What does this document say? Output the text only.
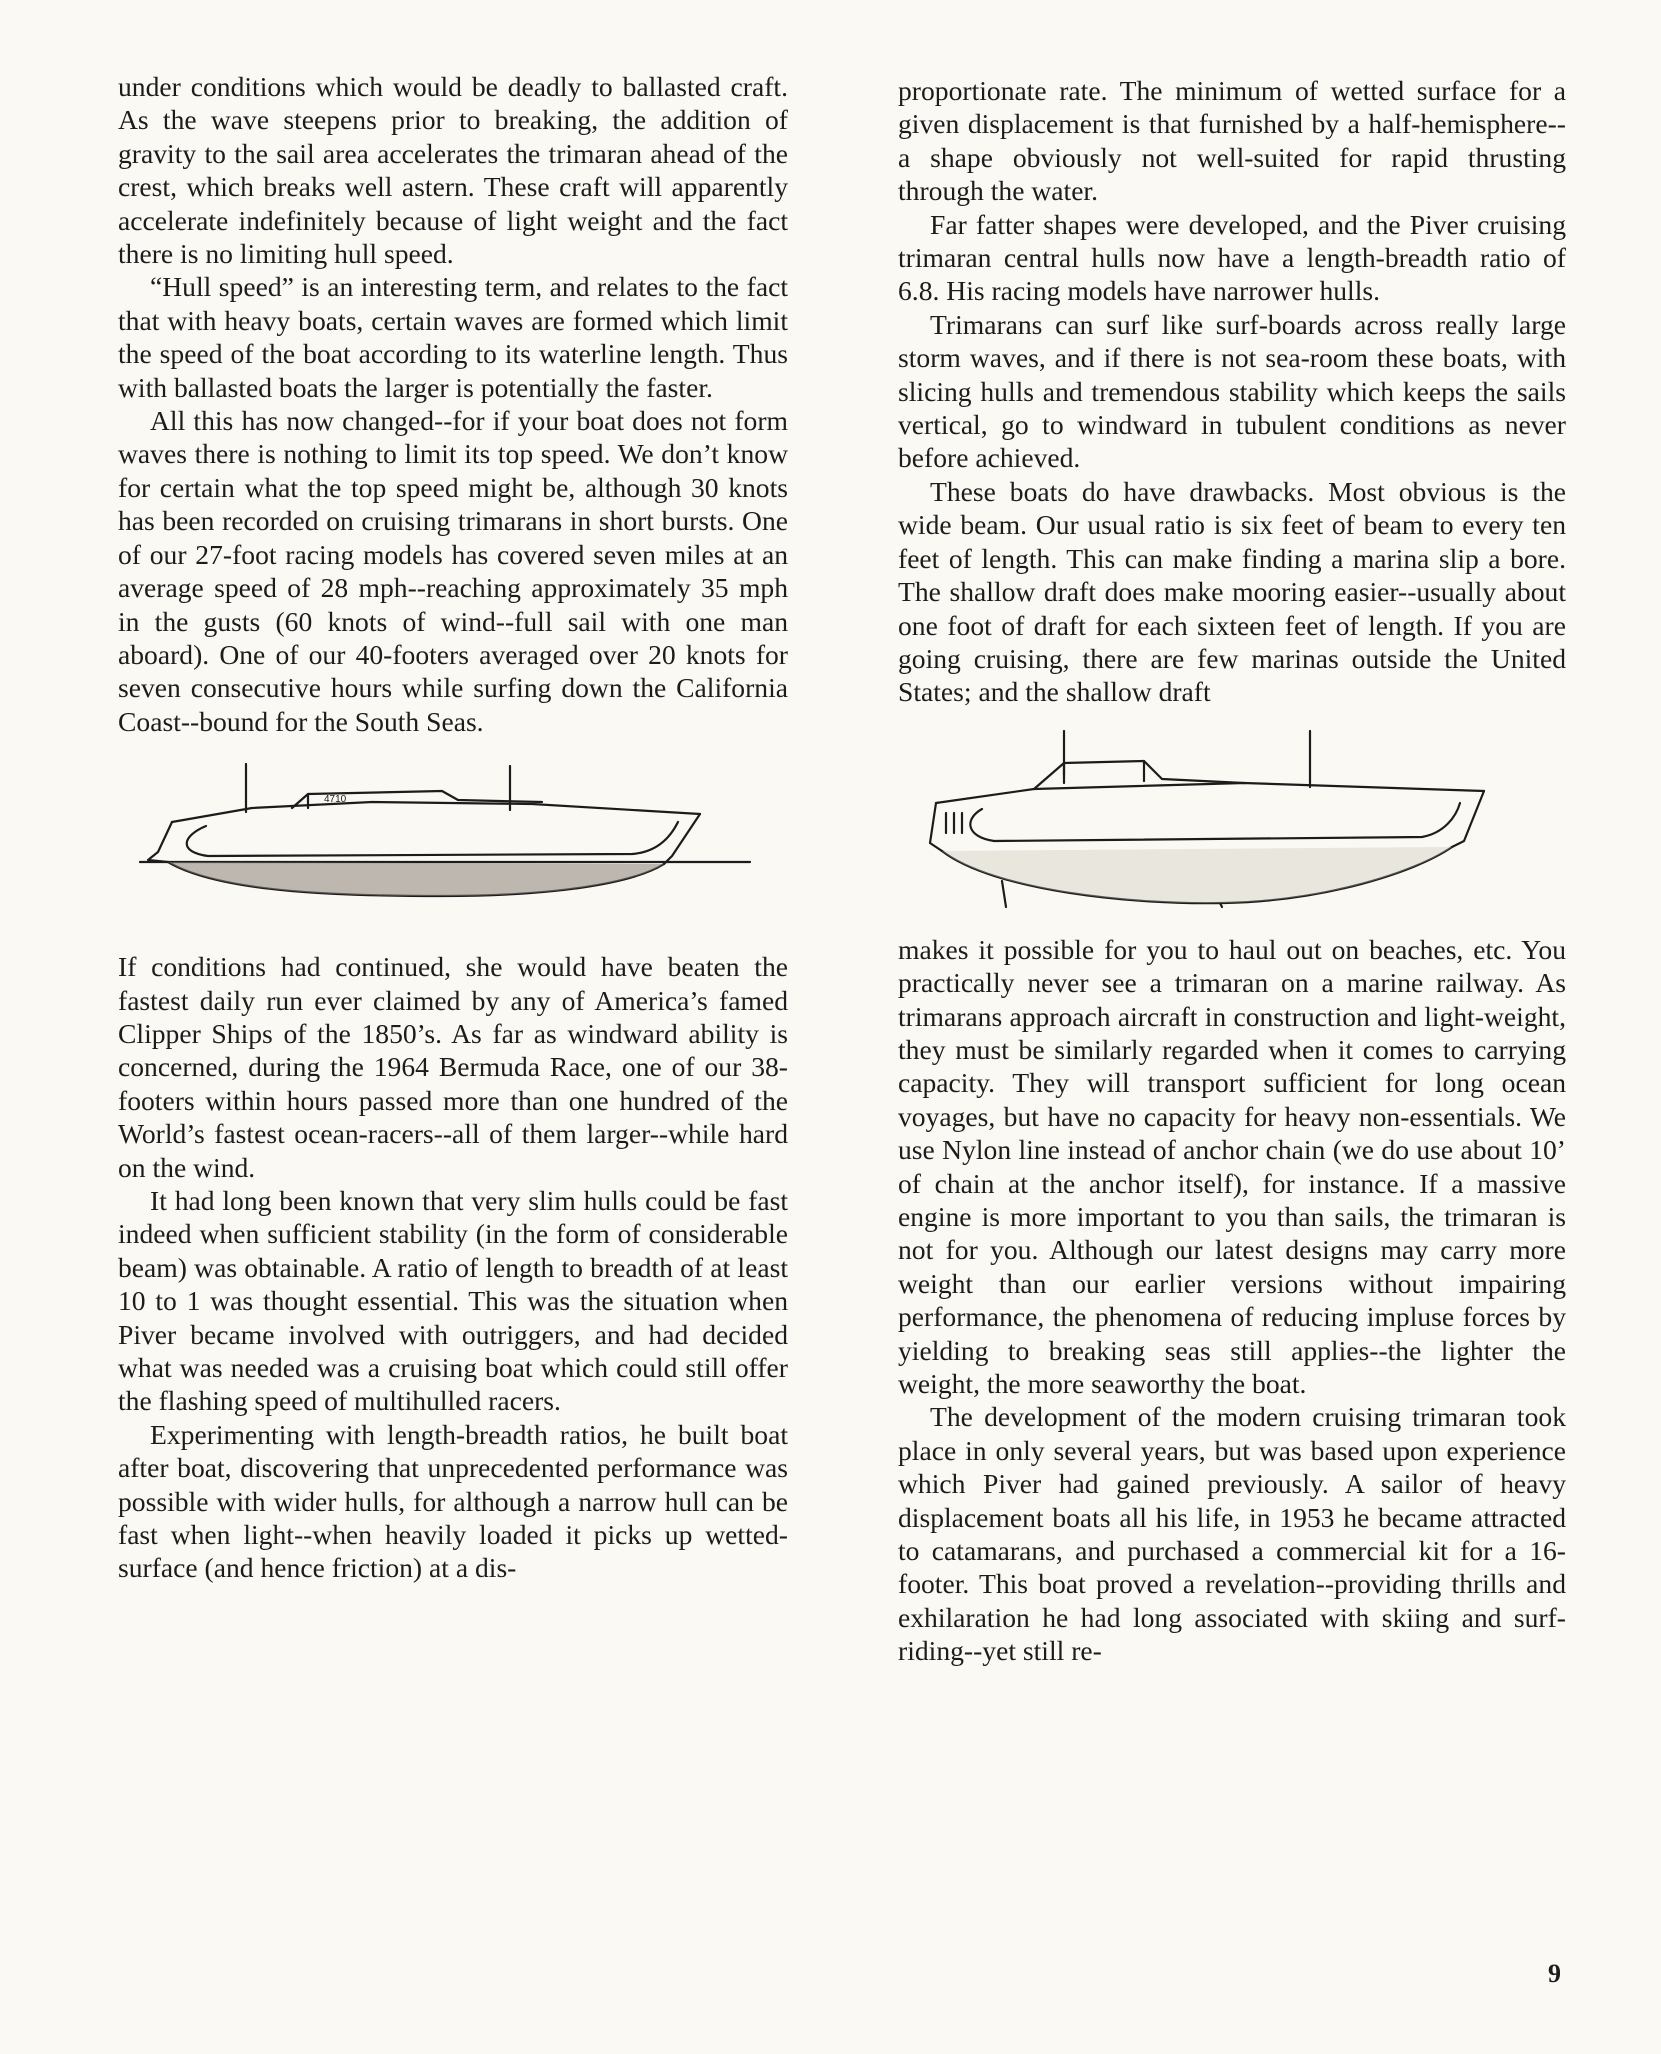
under conditions which would be deadly to ballasted craft. As the wave steepens prior to breaking, the addition of gravity to the sail area accelerates the trimaran ahead of the crest, which breaks well astern. These craft will apparently accelerate indefinitely because of light weight and the fact there is no limiting hull speed.

“Hull speed” is an interesting term, and relates to the fact that with heavy boats, certain waves are formed which limit the speed of the boat according to its waterline length. Thus with ballasted boats the larger is potentially the faster.

All this has now changed--for if your boat does not form waves there is nothing to limit its top speed. We don’t know for certain what the top speed might be, although 30 knots has been recorded on cruising trimarans in short bursts. One of our 27-foot racing models has covered seven miles at an average speed of 28 mph--reaching approximately 35 mph in the gusts (60 knots of wind--full sail with one man aboard). One of our 40-footers averaged over 20 knots for seven consecutive hours while surfing down the California Coast--bound for the South Seas.

4710

If conditions had continued, she would have beaten the fastest daily run ever claimed by any of America’s famed Clipper Ships of the 1850’s. As far as windward ability is concerned, during the 1964 Bermuda Race, one of our 38-footers within hours passed more than one hundred of the World’s fastest ocean-racers--all of them larger--while hard on the wind.

It had long been known that very slim hulls could be fast indeed when sufficient stability (in the form of considerable beam) was obtainable. A ratio of length to breadth of at least 10 to 1 was thought essential. This was the situation when Piver became involved with outriggers, and had decided what was needed was a cruising boat which could still offer the flashing speed of multihulled racers.

Experimenting with length-breadth ratios, he built boat after boat, discovering that unprecedented performance was possible with wider hulls, for although a narrow hull can be fast when light--when heavily loaded it picks up wetted-surface (and hence friction) at a dis-

proportionate rate. The minimum of wetted surface for a given displacement is that furnished by a half-hemisphere--a shape obviously not well-suited for rapid thrusting through the water.

Far fatter shapes were developed, and the Piver cruising trimaran central hulls now have a length-breadth ratio of 6.8. His racing models have narrower hulls.

Trimarans can surf like surf-boards across really large storm waves, and if there is not sea-room these boats, with slicing hulls and tremendous stability which keeps the sails vertical, go to windward in tubulent conditions as never before achieved.

These boats do have drawbacks. Most obvious is the wide beam. Our usual ratio is six feet of beam to every ten feet of length. This can make finding a marina slip a bore. The shallow draft does make mooring easier--usually about one foot of draft for each sixteen feet of length. If you are going cruising, there are few marinas outside the United States; and the shallow draft

makes it possible for you to haul out on beaches, etc. You practically never see a trimaran on a marine railway. As trimarans approach aircraft in construction and light-weight, they must be similarly regarded when it comes to carrying capacity. They will transport sufficient for long ocean voyages, but have no capacity for heavy non-essentials. We use Nylon line instead of anchor chain (we do use about 10’ of chain at the anchor itself), for instance. If a massive engine is more important to you than sails, the trimaran is not for you. Although our latest designs may carry more weight than our earlier versions without impairing performance, the phenomena of reducing impluse forces by yielding to breaking seas still applies--the lighter the weight, the more seaworthy the boat.

The development of the modern cruising trimaran took place in only several years, but was based upon experience which Piver had gained previously. A sailor of heavy displacement boats all his life, in 1953 he became attracted to catamarans, and purchased a commercial kit for a 16-footer. This boat proved a revelation--providing thrills and exhilaration he had long associated with skiing and surf-riding--yet still re-

9
